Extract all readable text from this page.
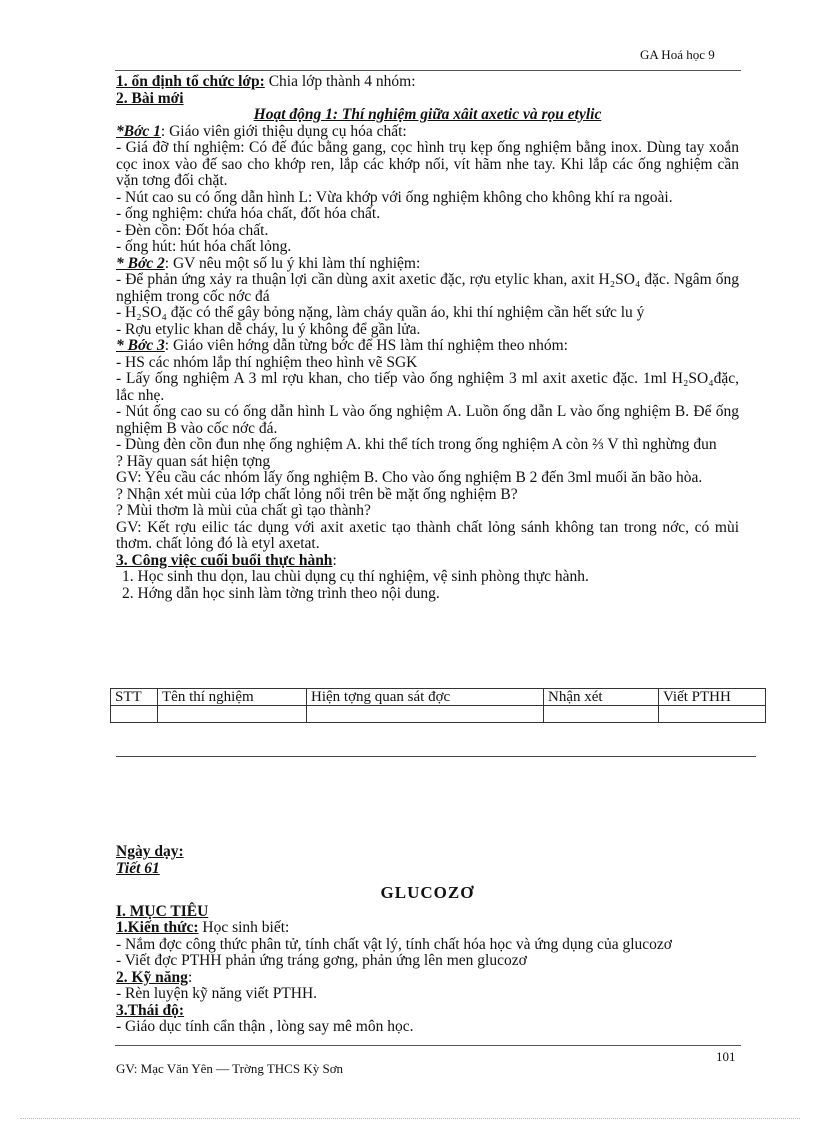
GA Hoá học 9

1. ổn định tổ chức lớp: Chia lớp thành 4 nhóm:

2. Bài mới

Hoạt động 1: Thí nghiệm giữa xâit axetic và rọu etylic

*Bớc 1: Giáo viên giới thiệu dụng cụ hóa chất:

- Giá đỡ thí nghiệm: Có đế đúc bằng gang, cọc hình trụ kẹp ống nghiệm bằng inox. Dùng tay xoắn cọc inox vào đế sao cho khớp ren, lắp các khớp nối, vít hãm nhe tay. Khi lắp các ống nghiệm cần vặn tơng đối chặt.

- Nút cao su có ống dẫn hình L: Vừa khớp với ống nghiệm không cho không khí ra ngoài.

- ống nghiệm: chứa hóa chất, đốt hóa chất.

- Đèn cồn: Đốt hóa chất.

- ống hút: hút hóa chất lỏng.

* Bớc 2: GV nêu một số lu ý khi làm thí nghiệm:

- Để phản ứng xảy ra thuận lợi cần dùng axit axetic đặc, rợu etylic khan, axit H₂SO₄ đặc. Ngâm ống nghiệm trong cốc nớc đá

- H₂SO₄ đặc có thể gây bỏng nặng, làm cháy quần áo, khi thí nghiệm cần hết sức lu ý

- Rợu etylic khan dễ cháy, lu ý không để gần lửa.

* Bớc 3: Giáo viên hớng dẫn từng bớc để HS làm thí nghiệm theo nhóm:

- HS các nhóm lắp thí nghiệm theo hình vẽ SGK

- Lấy ống nghiệm A 3 ml rợu khan, cho tiếp vào ống nghiệm 3 ml axit axetic đặc. 1ml H₂SO₄đặc, lắc nhẹ.

- Nút ống cao su có ống dẫn hình L vào ống nghiệm A. Luồn ống dẫn L vào ống nghiệm B. Để ống nghiệm B vào cốc nớc đá.

- Dùng đèn cồn đun nhẹ ống nghiệm A. khi thể tích trong ống nghiệm A còn ⅔ V thì nghừng đun

? Hãy quan sát hiện tợng

GV: Yêu cầu các nhóm lấy ống nghiệm B. Cho vào ống nghiệm B 2 đến 3ml muối ăn bão hòa.

? Nhận xét mùi của lớp chất lỏng nổi trên bề mặt ống nghiệm B?

? Mùi thơm là mùi của chất gì tạo thành?

GV: Kết rợu eilic tác dụng với axit axetic tạo thành chất lỏng sánh không tan trong nớc, có mùi thơm. chất lỏng đó là etyl axetat.

3. Công việc cuối buổi thực hành:

1. Học sinh thu dọn, lau chùi dụng cụ thí nghiệm, vệ sinh phòng thực hành.

2. Hớng dẫn học sinh làm tờng trình theo nội dung.

STT	Tên thí nghiệm	Hiện tợng quan sát đợc	Nhận xét	Viết PTHH

Ngày dạy:

Tiết 61

GLUCOZƠ

I. MỤC TIÊU

1.Kiến thức: Học sinh biết:

- Nắm đợc công thức phân tử, tính chất vật lý, tính chất hóa học và ứng dụng của glucozơ

- Viết đợc PTHH phản ứng tráng gơng, phản ứng lên men glucozơ

2. Kỹ năng:

- Rèn luyện kỹ năng viết PTHH.

3.Thái độ:

- Giáo dục tính cẩn thận , lòng say mê môn học.

101
GV: Mạc Văn Yên — Trờng THCS Kỳ Sơn
